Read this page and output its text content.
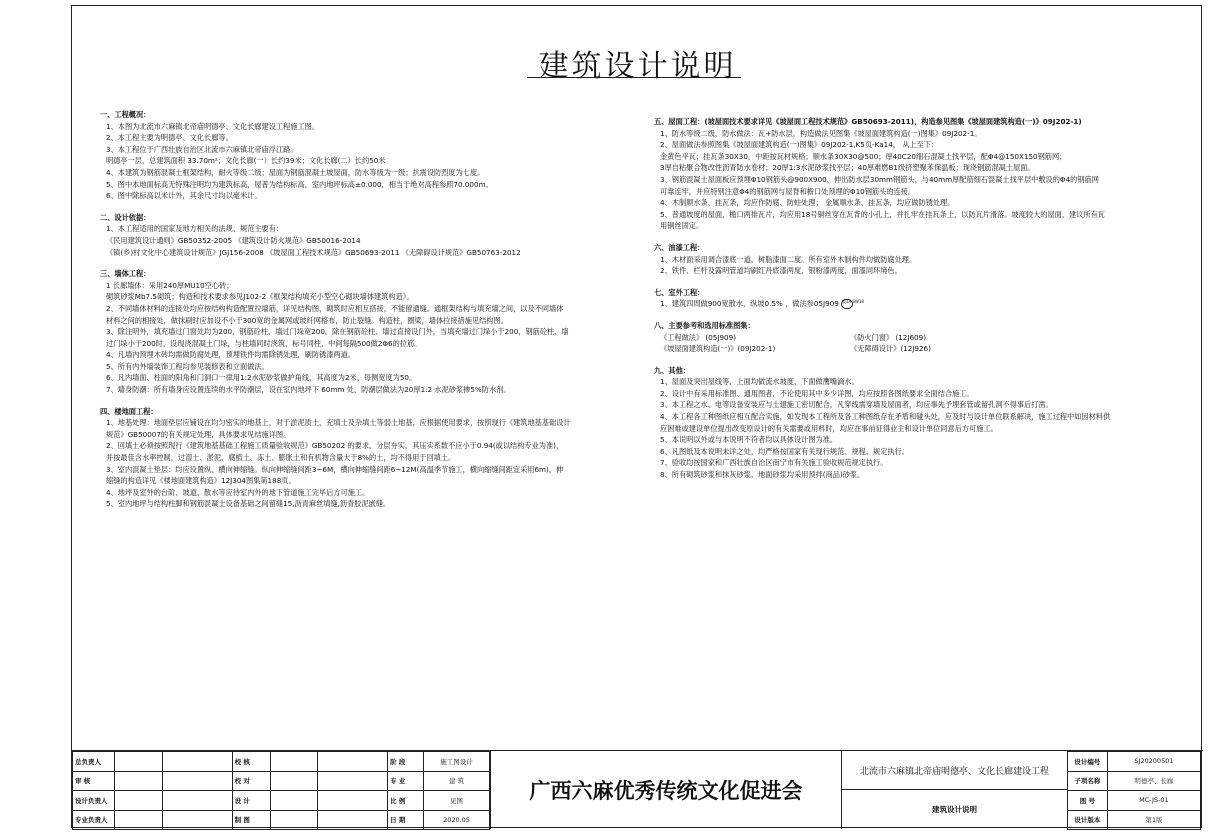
建筑设计说明
一、工程概况：
1、本图为北流市六麻镇北帝庙明德亭、文化长廊建设工程施工图。
2、本工程主要为明德亭、文化长廊等。
3、本工程位于广西壮族自治区北流市六麻镇北帝庙浮江路。
明德亭一层，总建筑面积 33.70m²；文化长廊(一）长约39米；文化长廊(二）长约50米
4、本建筑为钢筋混凝土框架结构，耐火等级二级；屋面为钢筋混凝土坡屋面，防水等级为一级；抗震设防烈度为七度。
5、图中本地面标高无特殊注明均为建筑标高，屋普为结构标高，室内地坪标高±0.000，相当于绝对高程参照70.000m。
6、图中除标高以米计外，其余尺寸均以毫米计。
二、设计依据：
1、本工程适用的国家及地方相关的法规、规范主要有：
《民用建筑设计通则》GB50352-2005 《建筑设计防火规范》GB50016-2014
《镇(乡)村文化中心建筑设计规范》JGJ156-2008 《坡屋面工程技术规范》GB50693-2011 《无障碍设计规范》GB50763-2012
三、墙体工程：
1 长廊墙体：采用240厚MU10空心砖；
砌筑砂浆Mb7.5砌筑；构造和技术要求参见J102-2《框架结构填充小型空心砌块墙体建筑构造》。
2、不同墙体材料的连接处均应按结构构造配置拉墙筋，详见结构图，砌筑时应相互搭接，不能留通缝。通框架结构与填充墙之间，以及不同墙体
材料之间的相接处，做抹刷时应加设不小于300宽的金属网或玻纤网格布，防止裂缝。构造柱，圈梁，墙体拉接措施见结构图。
3、除注明外，填充墙过门窗处均为200，钢筋砼柱、墙过门垛宽200。除在钢筋砼柱、墙过直接设门外，当填充墙过门垛小于200，钢筋砼柱、墙
过门垛小于200时，设现浇混凝土门垛，与柱墙同时浇筑，标号同柱，中间每隔500做2Φ6的拉筋。
4、凡墙内预埋木砖均需做防腐处理，预埋铁件均需除锈处理，刷防锈漆两道。
5、所有内外墙装饰工程均参见装修表和立面做法。
6、凡内墙面、柱面的阳角和门洞口一律用1:2水泥砂浆做护角线，其高度为2米，每侧宽度为50。
7、墙身防潮：所有墙身应设置连续的水平防潮层，设在室内地坪下 60mm 处，防潮层做法为20厚1:2 水泥砂浆掺5%防水剂。
四、楼地面工程：
1、地基处理：地面垫层应铺设在均匀密实的地基上，对于淤泥质土，充填土及杂填土等弱土地基，应根据使用要求，按照现行《建筑地基基础设计
规范》GB50007的有关规定处理，具体要求见结施详图。
2、回填土必须按照现行《建筑地基基础工程施工质量验收规范》GB50202 的要求，分层夯实，其压实系数不应小于0.94(或以结构专业为准)，
并按最佳含水率控制，过湿土、淤泥、腐植土、冻土、膨胀土和有机物含量大于8%的土，均不得用于回填土。
3、室内混凝土垫层：均应设置纵、横向伸缩缝。纵向伸缩缝间距3~6M，横向伸缩缝间距6~12M(高温季节施工，横向缩缝间距宜采用6m)，伸
缩缝的构造详见《楼地面建筑构造》12J304图集第188页。
4、地坪及室外的台阶、坡道、散水等应待室内外的地下管道施工完毕后方可施工。
5、室内地坪与结构柱脚和钢筋混凝土设备基础之间留缝15,沥青麻丝填缝,沥青胶泥嵌缝。
五、屋面工程：(坡屋面技术要求详见《坡屋面工程技术规范》GB50693-2011)，构造参见图集《坡屋面建筑构造(一)》09J202-1)
1、防水等级二级，防水做法：瓦+防水层，构造做法见图集《坡屋面建筑构造(一)图集》09J202-1。
2、屋面做法参照图集《坡屋面建筑构造(一)图集》09J202-1,K5页-Ka14， 从上至下：
金黄色平瓦；挂瓦条30X30，中距按瓦材规格；顺水条30X30@500；厚40C20细石混凝土找平层，配Φ4@150X150钢筋网；
3厚自粘聚合物改性沥青防水卷材；20厚1:3水泥砂浆找平层；40厚难燃B1级挤塑聚苯保温板；现浇钢筋混凝土屋面。
3、钢筋混凝土屋面板应预埋Φ10钢筋头@900X900，伸出防水层30mm钢筋头，与40mm厚配筋细石混凝土找平层中敷设的Φ4的钢筋网
可靠连牢，并应特别注意Φ4的钢筋网与屋脊和檐口处预埋的Φ10钢筋头的连接。
4、木制顺水条、挂瓦条，均应作防腐、防蛀处理； 金属顺水条、挂瓦条，均应做防锈处理。
5、普通坡度的屋面，檐口两排瓦片，均应用18号铜丝穿在瓦背的小孔上，并扎牢在挂瓦条上，以防瓦片滑落。坡度较大的屋面，建议所有瓦
用铜丝固定。
六、油漆工程：
1、木材面采用调合漆底一道，树脂漆面二度。所有室外木制构件均做防腐处理。
2、铁件、栏杆及露明管道均刷红丹底漆两度，银粉漆两度，面漆同环境色。
七、室外工程：
1、建筑四周做900宽散水，纵坡0.5% ，做法参05J909 散1A SW18
八、主要参考和选用标准图集：
《工程做法》 (05J909)	《防火门窗》 (12J609)
《坡屋面建筑构造(一)》(09J202-1)	《无障碍设计》(12J926)
九、其他：
1、屋面及突出屋线等，上面均做流水坡度，下面做鹰嘴滴水。
2、设计中有采用标准图、通用图者，不论使用其中多少详图，均应按照各图纸要求全面结合施工。
3、本工程之水、电等设备安装应与土建施工密切配合，凡穿线需穿墙及屋面者，均应事先予埋套管或留孔洞不得事后打凿。
4、本工程各工种图纸应相互配合实施，如发现本工程所及各工种图纸存在矛盾和碰头处，应及时与设计单位联系解决，施工过程中如因材料供
应困难或建设单位提出改变原设计的有关需要或用料时，均应在事前征得业主和设计单位同意后方可施工。
5、本说明以外或与本说明不符者均以具体设计图为准。
6、凡图纸及本说明未详之处，均严格按国家有关现行规范、规程、规定执行。
7、验收均按国家和广西壮族自治区南宁市有关施工验收规范规定执行。
8、所有砌筑砂浆和抹灰砂浆，地面砂浆均采用预拌(商品)砂浆。
总负责人			校 核			阶 段	施工图设计
审 核			校 对			专 业	建 筑
设计负责人			设 计			比 例	见图
专业负责人			制 图			日 期	2020.05
广西六麻优秀传统文化促进会
北流市六麻镇北帝庙明德亭、文化长廊建设工程
建筑设计说明
设计编号	SJ20200501
子项名称	明德亭、长廊
图 号	MC-JS-01
设计版本	第1版
